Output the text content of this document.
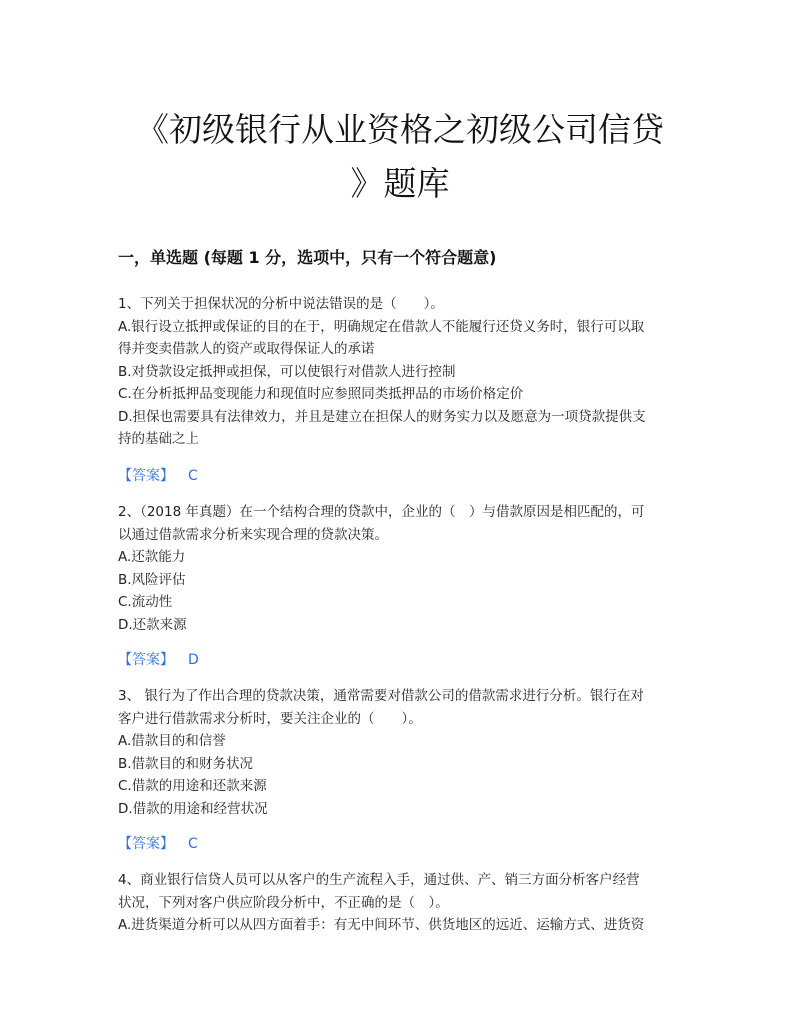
《初级银行从业资格之初级公司信贷
》题库
一，单选题 (每题 1 分，选项中，只有一个符合题意)
1、下列关于担保状况的分析中说法错误的是（　　）。
A.银行设立抵押或保证的目的在于，明确规定在借款人不能履行还贷义务时，银行可以取
得并变卖借款人的资产或取得保证人的承诺
B.对贷款设定抵押或担保，可以使银行对借款人进行控制
C.在分析抵押品变现能力和现值时应参照同类抵押品的市场价格定价
D.担保也需要具有法律效力，并且是建立在担保人的财务实力以及愿意为一项贷款提供支
持的基础之上
【答案】 C
2、（2018 年真题）在一个结构合理的贷款中，企业的（　）与借款原因是相匹配的，可
以通过借款需求分析来实现合理的贷款决策。
A.还款能力
B.风险评估
C.流动性
D.还款来源
【答案】 D
3、 银行为了作出合理的贷款决策，通常需要对借款公司的借款需求进行分析。银行在对
客户进行借款需求分析时，要关注企业的（　　）。
A.借款目的和信誉
B.借款目的和财务状况
C.借款的用途和还款来源
D.借款的用途和经营状况
【答案】 C
4、商业银行信贷人员可以从客户的生产流程入手，通过供、产、销三方面分析客户经营
状况，下列对客户供应阶段分析中，不正确的是（　）。
A.进货渠道分析可以从四方面着手：有无中间环节、供货地区的远近、运输方式、进货资
